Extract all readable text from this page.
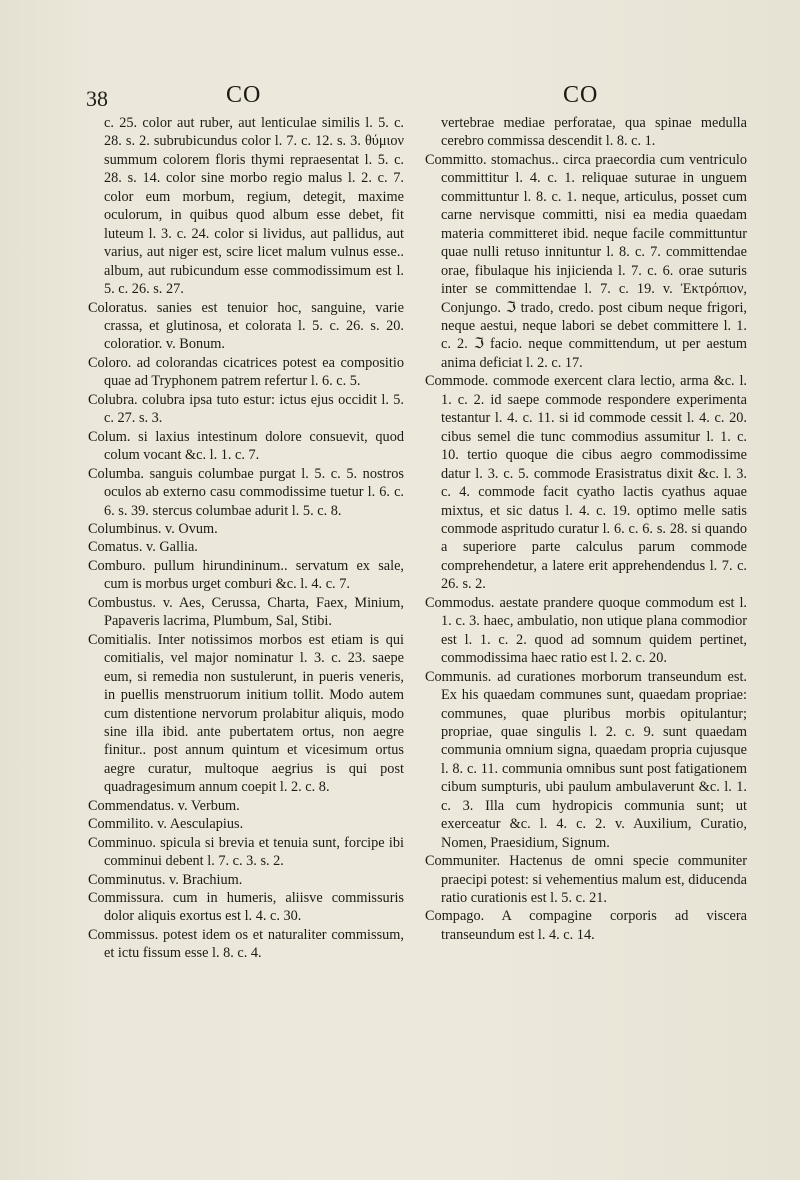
38	CO	CO

c. 25. color aut ruber, aut lenticulae similis l. 5. c. 28. s. 2. subrubicundus color l. 7. c. 12. s. 3. θύμιον summum colorem floris thymi repraesentat l. 5. c. 28. s. 14. color sine morbo regio malus l. 2. c. 7. color eum morbum, regium, detegit, maxime oculorum, in quibus quod album esse debet, fit luteum l. 3. c. 24. color si lividus, aut pallidus, aut varius, aut niger est, scire licet malum vulnus esse.. album, aut rubicundum esse commodissimum est l. 5. c. 26. s. 27.

Coloratus. sanies est tenuior hoc, sanguine, varie crassa, et glutinosa, et colorata l. 5. c. 26. s. 20. coloratior. v. Bonum.

Coloro. ad colorandas cicatrices potest ea compositio quae ad Tryphonem patrem refertur l. 6. c. 5.

Colubra. colubra ipsa tuto estur: ictus ejus occidit l. 5. c. 27. s. 3.

Colum. si laxius intestinum dolore consuevit, quod colum vocant &c. l. 1. c. 7.

Columba. sanguis columbae purgat l. 5. c. 5. nostros oculos ab externo casu commodissime tuetur l. 6. c. 6. s. 39. stercus columbae adurit l. 5. c. 8.

Columbinus. v. Ovum.

Comatus. v. Gallia.

Comburo. pullum hirundininum.. servatum ex sale, cum is morbus urget comburi &c. l. 4. c. 7.

Combustus. v. Aes, Cerussa, Charta, Faex, Minium, Papaveris lacrima, Plumbum, Sal, Stibi.

Comitialis. Inter notissimos morbos est etiam is qui comitialis, vel major nominatur l. 3. c. 23. saepe eum, si remedia non sustulerunt, in pueris veneris, in puellis menstruorum initium tollit. Modo autem cum distentione nervorum prolabitur aliquis, modo sine illa ibid. ante pubertatem ortus, non aegre finitur.. post annum quintum et vicesimum ortus aegre curatur, multoque aegrius is qui post quadragesimum annum coepit l. 2. c. 8.

Commendatus. v. Verbum.

Commilito. v. Aesculapius.

Comminuo. spicula si brevia et tenuia sunt, forcipe ibi comminui debent l. 7. c. 3. s. 2.

Comminutus. v. Brachium.

Commissura. cum in humeris, aliisve commissuris dolor aliquis exortus est l. 4. c. 30.

Commissus. potest idem os et naturaliter commissum, et ictu fissum esse l. 8. c. 4.

vertebrae mediae perforatae, qua spinae medulla cerebro commissa descendit l. 8. c. 1.

Committo. stomachus.. circa praecordia cum ventriculo committitur l. 4. c. 1. reliquae suturae in unguem committuntur l. 8. c. 1. neque, articulus, posset cum carne nervisque committi, nisi ea media quaedam materia committeret ibid. neque facile committuntur quae nulli retuso innituntur l. 8. c. 7. committendae orae, fibulaque his injicienda l. 7. c. 6. orae suturis inter se committendae l. 7. c. 19. v. Ἐκτρόπιον, Conjungo. ℑ trado, credo. post cibum neque frigori, neque aestui, neque labori se debet committere l. 1. c. 2. ℑ facio. neque committendum, ut per aestum anima deficiat l. 2. c. 17.

Commode. commode exercent clara lectio, arma &c. l. 1. c. 2. id saepe commode respondere experimenta testantur l. 4. c. 11. si id commode cessit l. 4. c. 20. cibus semel die tunc commodius assumitur l. 1. c. 10. tertio quoque die cibus aegro commodissime datur l. 3. c. 5. commode Erasistratus dixit &c. l. 3. c. 4. commode facit cyatho lactis cyathus aquae mixtus, et sic datus l. 4. c. 19. optimo melle satis commode aspritudo curatur l. 6. c. 6. s. 28. si quando a superiore parte calculus parum commode comprehendetur, a latere erit apprehendendus l. 7. c. 26. s. 2.

Commodus. aestate prandere quoque commodum est l. 1. c. 3. haec, ambulatio, non utique plana commodior est l. 1. c. 2. quod ad somnum quidem pertinet, commodissima haec ratio est l. 2. c. 20.

Communis. ad curationes morborum transeundum est. Ex his quaedam communes sunt, quaedam propriae: communes, quae pluribus morbis opitulantur; propriae, quae singulis l. 2. c. 9. sunt quaedam communia omnium signa, quaedam propria cujusque l. 8. c. 11. communia omnibus sunt post fatigationem cibum sumpturis, ubi paulum ambulaverunt &c. l. 1. c. 3. Illa cum hydropicis communia sunt; ut exerceatur &c. l. 4. c. 2. v. Auxilium, Curatio, Nomen, Praesidium, Signum.

Communiter. Hactenus de omni specie communiter praecipi potest: si vehementius malum est, diducenda ratio curationis est l. 5. c. 21.

Compago. A compagine corporis ad viscera transeundum est l. 4. c. 14.
